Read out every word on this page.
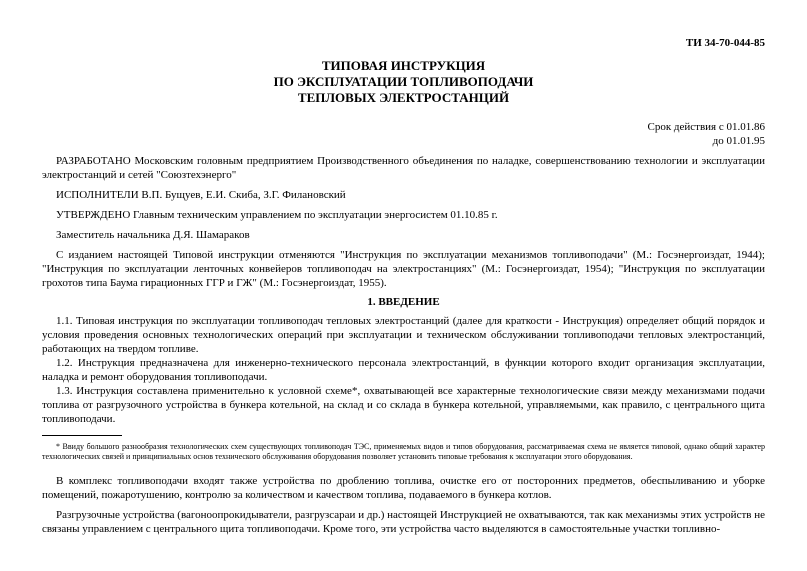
ТИ 34-70-044-85
ТИПОВАЯ ИНСТРУКЦИЯ
ПО ЭКСПЛУАТАЦИИ ТОПЛИВОПОДАЧИ
ТЕПЛОВЫХ ЭЛЕКТРОСТАНЦИЙ
Срок действия с 01.01.86
до 01.01.95

РАЗРАБОТАНО Московским головным предприятием Производственного объединения по наладке, совершенствованию технологии и эксплуатации электростанций и сетей "Союзтехэнерго"

ИСПОЛНИТЕЛИ В.П. Бущуев, Е.И. Скиба, З.Г. Филановский

УТВЕРЖДЕНО Главным техническим управлением по эксплуатации энергосистем 01.10.85 г.

Заместитель начальника Д.Я. Шамараков

С изданием настоящей Типовой инструкции отменяются "Инструкция по эксплуатации механизмов топливоподачи" (М.: Госэнергоиздат, 1944); "Инструкция по эксплуатации ленточных конвейеров топливоподач на электростанциях" (М.: Госэнергоиздат, 1954); "Инструкция по эксплуатации грохотов типа Баума гирационных ГГР и ГЖ" (М.: Госэнергоиздат, 1955).

1. ВВЕДЕНИЕ

1.1. Типовая инструкция по эксплуатации топливоподач тепловых электростанций (далее для краткости - Инструкция) определяет общий порядок и условия проведения основных технологических операций при эксплуатации и техническом обслуживании топливоподачи тепловых электростанций, работающих на твердом топливе.

1.2. Инструкция предназначена для инженерно-технического персонала электростанций, в функции которого входит организация эксплуатации, наладка и ремонт оборудования топливоподачи.

1.3. Инструкция составлена применительно к условной схеме*, охватывающей все характерные технологические связи между механизмами подачи топлива от разгрузочного устройства в бункера котельной, на склад и со склада в бункера котельной, управляемыми, как правило, с центрального щита топливоподачи.

* Ввиду большого разнообразия технологических схем существующих топливоподач ТЭС, применяемых видов и типов оборудования, рассматриваемая схема не является типовой, однако общий характер технологических связей и принципиальных основ технического обслуживания оборудования позволяет установить типовые требования к эксплуатации этого оборудования.

В комплекс топливоподачи входят также устройства по дроблению топлива, очистке его от посторонних предметов, обеспыливанию и уборке помещений, пожаротушению, контролю за количеством и качеством топлива, подаваемого в бункера котлов.

Разгрузочные устройства (вагоноопрокидыватели, разгрузсараи и др.) настоящей Инструкцией не охватываются, так как механизмы этих устройств не связаны управлением с центрального щита топливоподачи. Кроме того, эти устройства часто выделяются в самостоятельные участки топливно-
